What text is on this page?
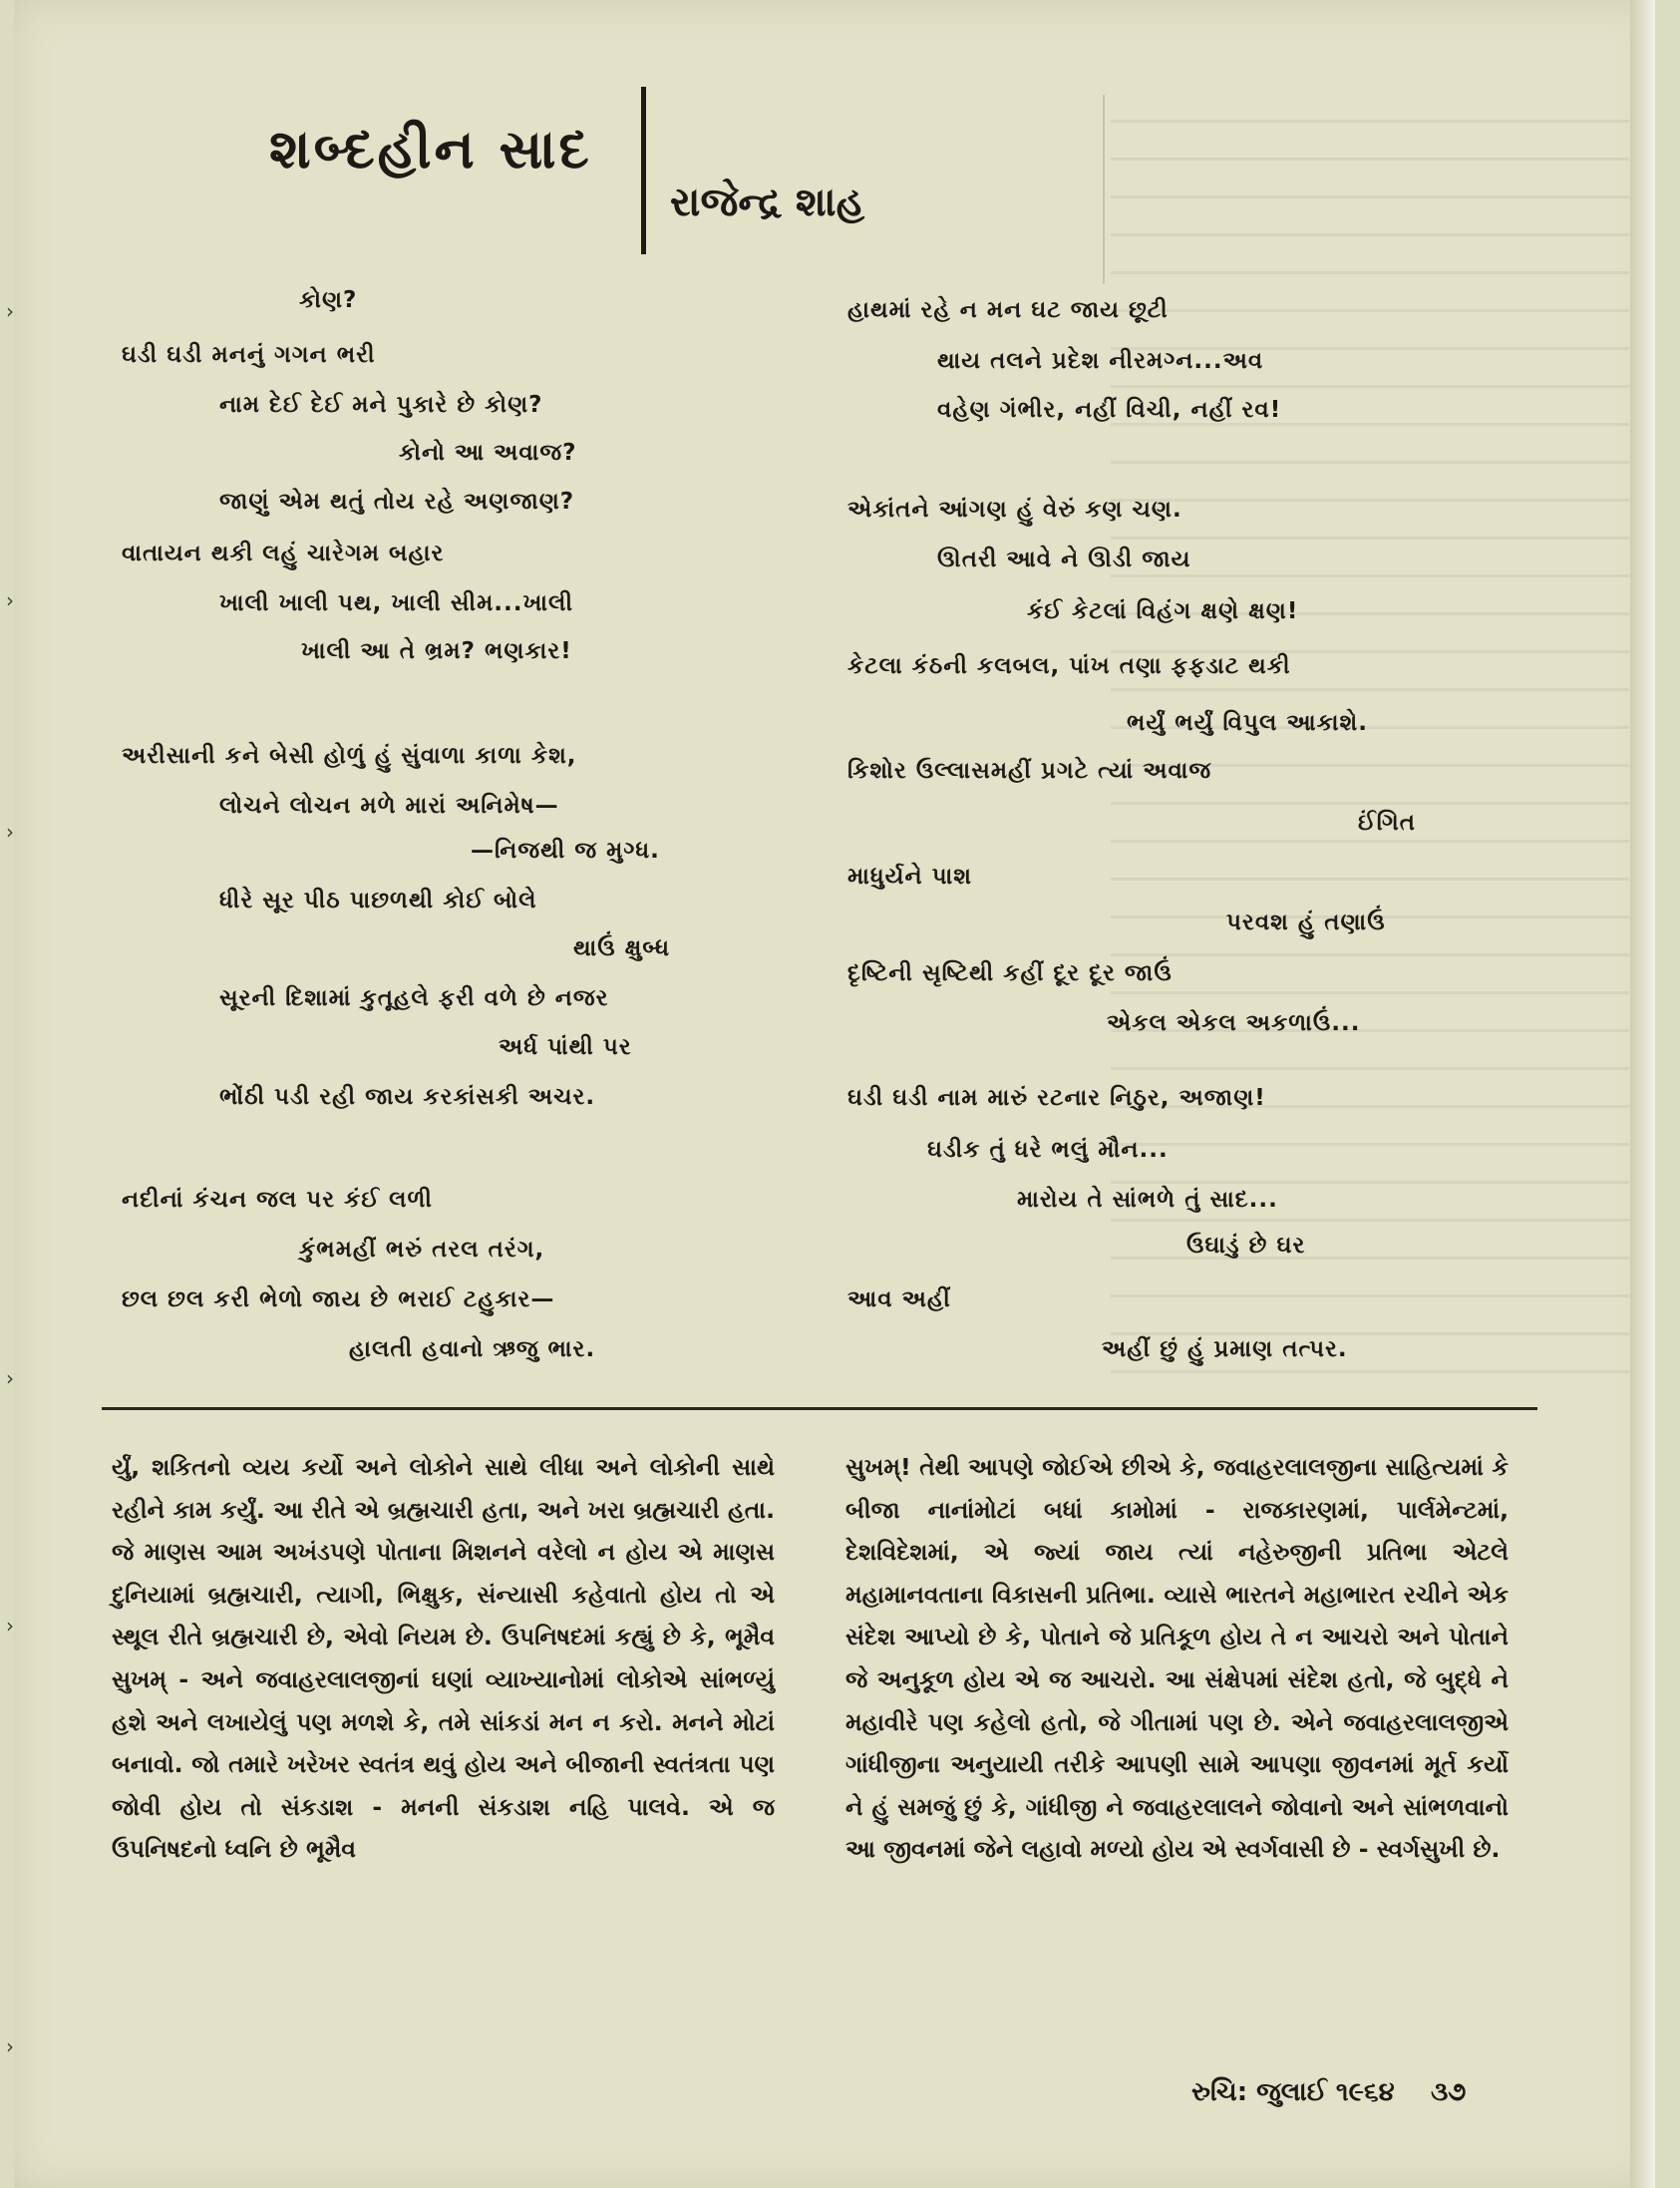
›
›
›
›
›
›
શબ્દહીન સાદ
રાજેન્દ્ર શાહ
કોણ?
ઘડી ઘડી મનનું ગગન ભરી
નામ દેઈ દેઈ મને પુકારે છે કોણ?
કોનો આ અવાજ?
જાણું એમ થતું તોય રહે અણજાણ?
વાતાયન થકી લહું ચારેગમ બહાર
ખાલી ખાલી પથ, ખાલી સીમ...ખાલી
ખાલી આ તે ભ્રમ? ભણકાર!
અરીસાની કને બેસી હોળું હું સુંવાળા કાળા કેશ,
લોચને લોચન મળે મારાં અનિમેષ—
—નિજથી જ મુગ્ધ.
ધીરે સૂર પીઠ પાછળથી કોઈ બોલે
થાઉં ક્ષુબ્ધ
સૂરની દિશામાં કુતૂહલે ફરી વળે છે નજર
અર્ધ પાંથી પર
ભોંઠી પડી રહી જાય કરકાંસકી અચર.
નદીનાં કંચન જલ પર કંઈ લળી
કુંભમહીં ભરું તરલ તરંગ,
છલ છલ કરી ભેળો જાય છે ભરાઈ ટહુકાર—
હાલતી હવાનો ઋજુ ભાર.
હાથમાં રહે ન મન ઘટ જાય છૂટી
થાય તલને પ્રદેશ નીરમગ્ન...અવ
વહેણ ગંભીર, નહીં વિચી, નહીં રવ!
એકાંતને આંગણ હું વેરું કણ ચણ.
ઊતરી આવે ને ઊડી જાય
કંઈ કેટલાં વિહંગ ક્ષણે ક્ષણ!
કેટલા કંઠની કલબલ, પાંખ તણા ફફડાટ થકી
ભર્યું ભર્યું વિપુલ આકાશે.
કિશોર ઉલ્લાસમહીં પ્રગટે ત્યાં અવાજ
ઈંગિત
માધુર્યને પાશ
પરવશ હું તણાઉં
દૃષ્ટિની સૃષ્ટિથી કહીં દૂર દૂર જાઉં
એકલ એકલ અકળાઉં...
ઘડી ઘડી નામ મારું રટનાર નિઠુર, અજાણ!
ઘડીક તું ધરે ભલું મૌન...
મારોય તે સાંભળે તું સાદ...
ઉઘાડું છે ઘર
આવ અહીં
અહીં છું હું પ્રમાણ તત્પર.
ર્યું, શકિતનો વ્યય કર્યો અને લોકોને સાથે લીધા અને લોકોની સાથે રહીને કામ કર્યું. આ રીતે એ બ્રહ્મચારી હતા, અને ખરા બ્રહ્મચારી હતા. જે માણસ આમ અખંડપણે પોતાના મિશનને વરેલો ન હોય એ માણસ દુનિયામાં બ્રહ્મચારી, ત્યાગી, ભિક્ષુક, સંન્યાસી કહેવાતો હોય તો એ સ્થૂલ રીતે બ્રહ્મચારી છે, એવો નિયમ છે. ઉપનિષદમાં કહ્યું છે કે, ભૂમૈવ સુખમ્ - અને જવાહરલાલજીનાં ઘણાં વ્યાખ્યાનોમાં લોકોએ સાંભળ્યું હશે અને લખાયેલું પણ મળશે કે, તમે સાંકડાં મન ન કરો. મનને મોટાં બનાવો. જો તમારે ખરેખર સ્વતંત્ર થવું હોય અને બીજાની સ્વતંત્રતા પણ જોવી હોય તો સંકડાશ - મનની સંકડાશ નહિ પાલવે. એ જ ઉપનિષદનો ધ્વનિ છે ભૂમૈવ
સુખમ્! તેથી આપણે જોઈએ છીએ કે, જવાહરલાલજીના સાહિત્યમાં કે બીજા નાનાંમોટાં બધાં કામોમાં - રાજકારણમાં, પાર્લમેન્ટમાં, દેશવિદેશમાં, એ જ્યાં જાય ત્યાં નહેરુજીની પ્રતિભા એટલે મહામાનવતાના વિકાસની પ્રતિભા. વ્યાસે ભારતને મહાભારત રચીને એક સંદેશ આપ્યો છે કે, પોતાને જે પ્રતિકૂળ હોય તે ન આચરો અને પોતાને જે અનુકૂળ હોય એ જ આચરો. આ સંક્ષેપમાં સંદેશ હતો, જે બુદ્ધે ને મહાવીરે પણ કહેલો હતો, જે ગીતામાં પણ છે. એને જવાહરલાલજીએ ગાંધીજીના અનુયાયી તરીકે આપણી સામે આપણા જીવનમાં મૂર્ત કર્યો ને હું સમજું છું કે, ગાંધીજી ને જવાહરલાલને જોવાનો અને સાંભળવાનો આ જીવનમાં જેને લહાવો મળ્યો હોય એ સ્વર્ગવાસી છે - સ્વર્ગસુખી છે.
રુચિ: જુલાઈ ૧૯૬૪ ૩૭
